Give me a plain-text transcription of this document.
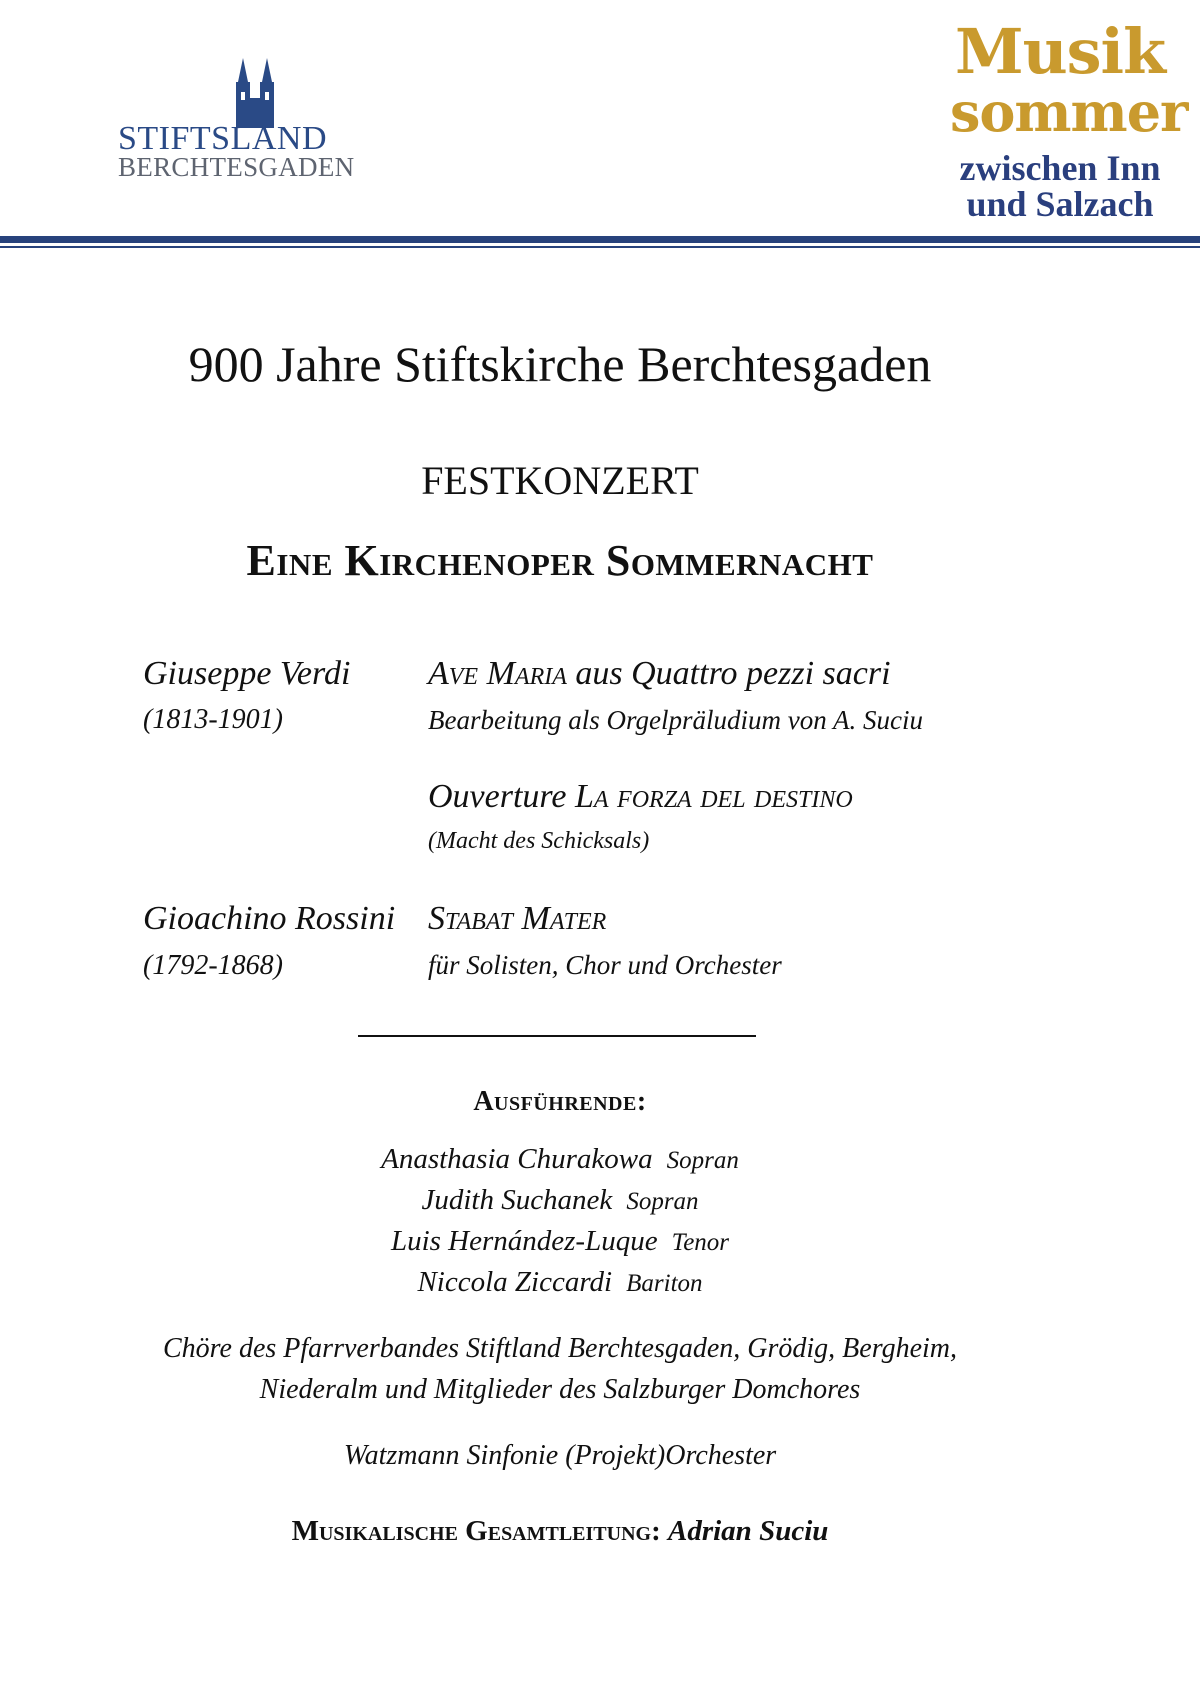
STIFTSLAND
BERCHTESGADEN
Musik
sommer
zwischen Inn
und Salzach
900 Jahre Stiftskirche Berchtesgaden
FESTKONZERT
Eine Kirchenoper Sommernacht
Giuseppe Verdi
(1813-1901)
Ave Maria aus Quattro pezzi sacri
Bearbeitung als Orgelpräludium von A. Suciu
Ouverture La forza del destino
(Macht des Schicksals)
Gioachino Rossini
(1792-1868)
Stabat Mater
für Solisten, Chor und Orchester
Ausführende:
Anasthasia Churakowa Sopran
Judith Suchanek Sopran
Luis Hernández-Luque Tenor
Niccola Ziccardi Bariton
Chöre des Pfarrverbandes Stiftland Berchtesgaden, Grödig, Bergheim,
Niederalm und Mitglieder des Salzburger Domchores
Watzmann Sinfonie (Projekt)Orchester
Musikalische Gesamtleitung: Adrian Suciu
